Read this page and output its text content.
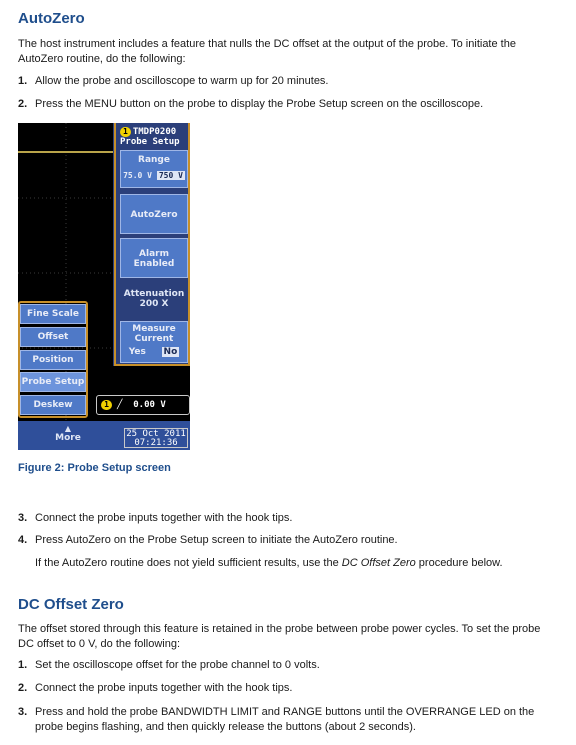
AutoZero

The host instrument includes a feature that nulls the DC offset at the output of the probe. To initiate the AutoZero routine, do the following:

1. Allow the probe and oscilloscope to warm up for 20 minutes.
2. Press the MENU button on the probe to display the Probe Setup screen on the oscilloscope.
1 TMDP0200
Probe Setup
Range
75.0 V 750 V
AutoZero
Alarm
Enabled
Attenuation
200 X
Measure
Current
Yes No
Fine Scale
Offset
Position
Probe Setup
Deskew	1 ╱ 0.00 V
▲
More	25 Oct 2011
07:21:36
Figure 2: Probe Setup screen
3. Connect the probe inputs together with the hook tips.
4. Press AutoZero on the Probe Setup screen to initiate the AutoZero routine.
If the AutoZero routine does not yield sufficient results, use the DC Offset Zero procedure below.
DC Offset Zero

The offset stored through this feature is retained in the probe between probe power cycles. To set the probe DC offset to 0 V, do the following:

1. Set the oscilloscope offset for the probe channel to 0 volts.
2. Connect the probe inputs together with the hook tips.
3. Press and hold the probe BANDWIDTH LIMIT and RANGE buttons until the OVERRANGE LED on the probe begins flashing, and then quickly release the buttons (about 2 seconds).
